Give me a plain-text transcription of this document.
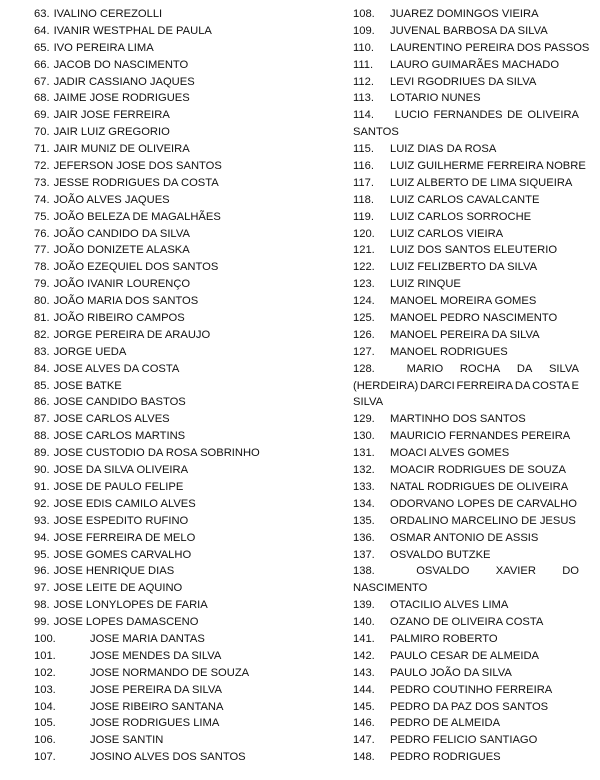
63. IVALINO CEREZOLLI
64. IVANIR WESTPHAL DE PAULA
65. IVO PEREIRA LIMA
66. JACOB DO NASCIMENTO
67. JADIR CASSIANO JAQUES
68. JAIME JOSE RODRIGUES
69. JAIR JOSE FERREIRA
70. JAIR LUIZ GREGORIO
71. JAIR MUNIZ DE OLIVEIRA
72. JEFERSON JOSE DOS SANTOS
73. JESSE RODRIGUES DA COSTA
74. JOÃO ALVES JAQUES
75. JOÃO BELEZA DE MAGALHÃES
76. JOÃO CANDIDO DA SILVA
77. JOÃO DONIZETE ALASKA
78. JOÃO EZEQUIEL DOS SANTOS
79. JOÃO IVANIR LOURENÇO
80. JOÃO MARIA DOS SANTOS
81. JOÃO RIBEIRO CAMPOS
82. JORGE PEREIRA DE ARAUJO
83. JORGE UEDA
84. JOSE ALVES DA COSTA
85. JOSE BATKE
86. JOSE CANDIDO BASTOS
87. JOSE CARLOS ALVES
88. JOSE CARLOS MARTINS
89. JOSE CUSTODIO DA ROSA SOBRINHO
90. JOSE DA SILVA OLIVEIRA
91. JOSE DE PAULO FELIPE
92. JOSE EDIS CAMILO ALVES
93. JOSE ESPEDITO RUFINO
94. JOSE FERREIRA DE MELO
95. JOSE GOMES CARVALHO
96. JOSE HENRIQUE DIAS
97. JOSE LEITE DE AQUINO
98. JOSE LONYLOPES DE FARIA
99. JOSE LOPES DAMASCENO
100.	JOSE MARIA DANTAS
101.	JOSE MENDES DA SILVA
102.	JOSE NORMANDO DE SOUZA
103.	JOSE PEREIRA DA SILVA
104.	JOSE RIBEIRO SANTANA
105.	JOSE RODRIGUES LIMA
106.	JOSE SANTIN
107.	JOSINO ALVES DOS SANTOS
108. JUAREZ DOMINGOS VIEIRA
109. JUVENAL BARBOSA DA SILVA
110. LAURENTINO PEREIRA DOS PASSOS
111. LAURO GUIMARÃES MACHADO
112. LEVI RGODRIUES DA SILVA
113. LOTARIO NUNES
114.	LUCIO FERNANDES DE OLIVEIRA
SANTOS
115. LUIZ DIAS DA ROSA
116. LUIZ GUILHERME FERREIRA NOBRE
117. LUIZ ALBERTO DE LIMA SIQUEIRA
118. LUIZ CARLOS CAVALCANTE
119. LUIZ CARLOS SORROCHE
120. LUIZ CARLOS VIEIRA
121. LUIZ DOS SANTOS ELEUTERIO
122. LUIZ FELIZBERTO DA SILVA
123. LUIZ RINQUE
124. MANOEL MOREIRA GOMES
125. MANOEL PEDRO NASCIMENTO
126. MANOEL PEREIRA DA SILVA
127. MANOEL RODRIGUES
128.	MARIO ROCHA DA SILVA
(HERDEIRA) DARCI FERREIRA DA COSTA E
SILVA
129. MARTINHO DOS SANTOS
130. MAURICIO FERNANDES PEREIRA
131. MOACI ALVES GOMES
132. MOACIR RODRIGUES DE SOUZA
133. NATAL RODRIGUES DE OLIVEIRA
134. ODORVANO LOPES DE CARVALHO
135. ORDALINO MARCELINO DE JESUS
136. OSMAR ANTONIO DE ASSIS
137. OSVALDO BUTZKE
138.	OSVALDO XAVIER DO
NASCIMENTO
139. OTACILIO ALVES LIMA
140. OZANO DE OLIVEIRA COSTA
141. PALMIRO ROBERTO
142. PAULO CESAR DE ALMEIDA
143. PAULO JOÃO DA SILVA
144. PEDRO COUTINHO FERREIRA
145. PEDRO DA PAZ DOS SANTOS
146. PEDRO DE ALMEIDA
147. PEDRO FELICIO SANTIAGO
148. PEDRO RODRIGUES
